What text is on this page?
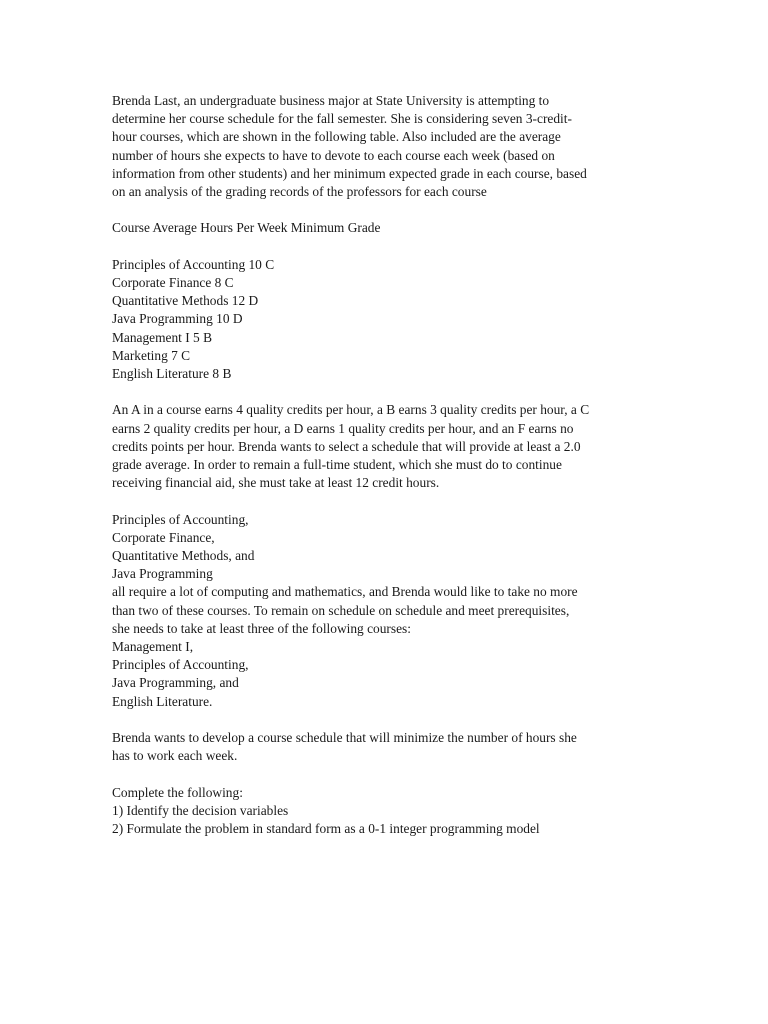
Brenda Last, an undergraduate business major at State University is attempting to
determine her course schedule for the fall semester. She is considering seven 3-credit-
hour courses, which are shown in the following table. Also included are the average
number of hours she expects to have to devote to each course each week (based on
information from other students) and her minimum expected grade in each course, based
on an analysis of the grading records of the professors for each course
Course Average Hours Per Week Minimum Grade
Principles of Accounting 10 C
Corporate Finance 8 C
Quantitative Methods 12 D
Java Programming 10 D
Management I 5 B
Marketing 7 C
English Literature 8 B
An A in a course earns 4 quality credits per hour, a B earns 3 quality credits per hour, a C
earns 2 quality credits per hour, a D earns 1 quality credits per hour, and an F earns no
credits points per hour. Brenda wants to select a schedule that will provide at least a 2.0
grade average. In order to remain a full-time student, which she must do to continue
receiving financial aid, she must take at least 12 credit hours.
Principles of Accounting,
Corporate Finance,
Quantitative Methods, and
Java Programming
all require a lot of computing and mathematics, and Brenda would like to take no more
than two of these courses. To remain on schedule on schedule and meet prerequisites,
she needs to take at least three of the following courses:
Management I,
Principles of Accounting,
Java Programming, and
English Literature.
Brenda wants to develop a course schedule that will minimize the number of hours she
has to work each week.
Complete the following:
1) Identify the decision variables
2) Formulate the problem in standard form as a 0-1 integer programming model
